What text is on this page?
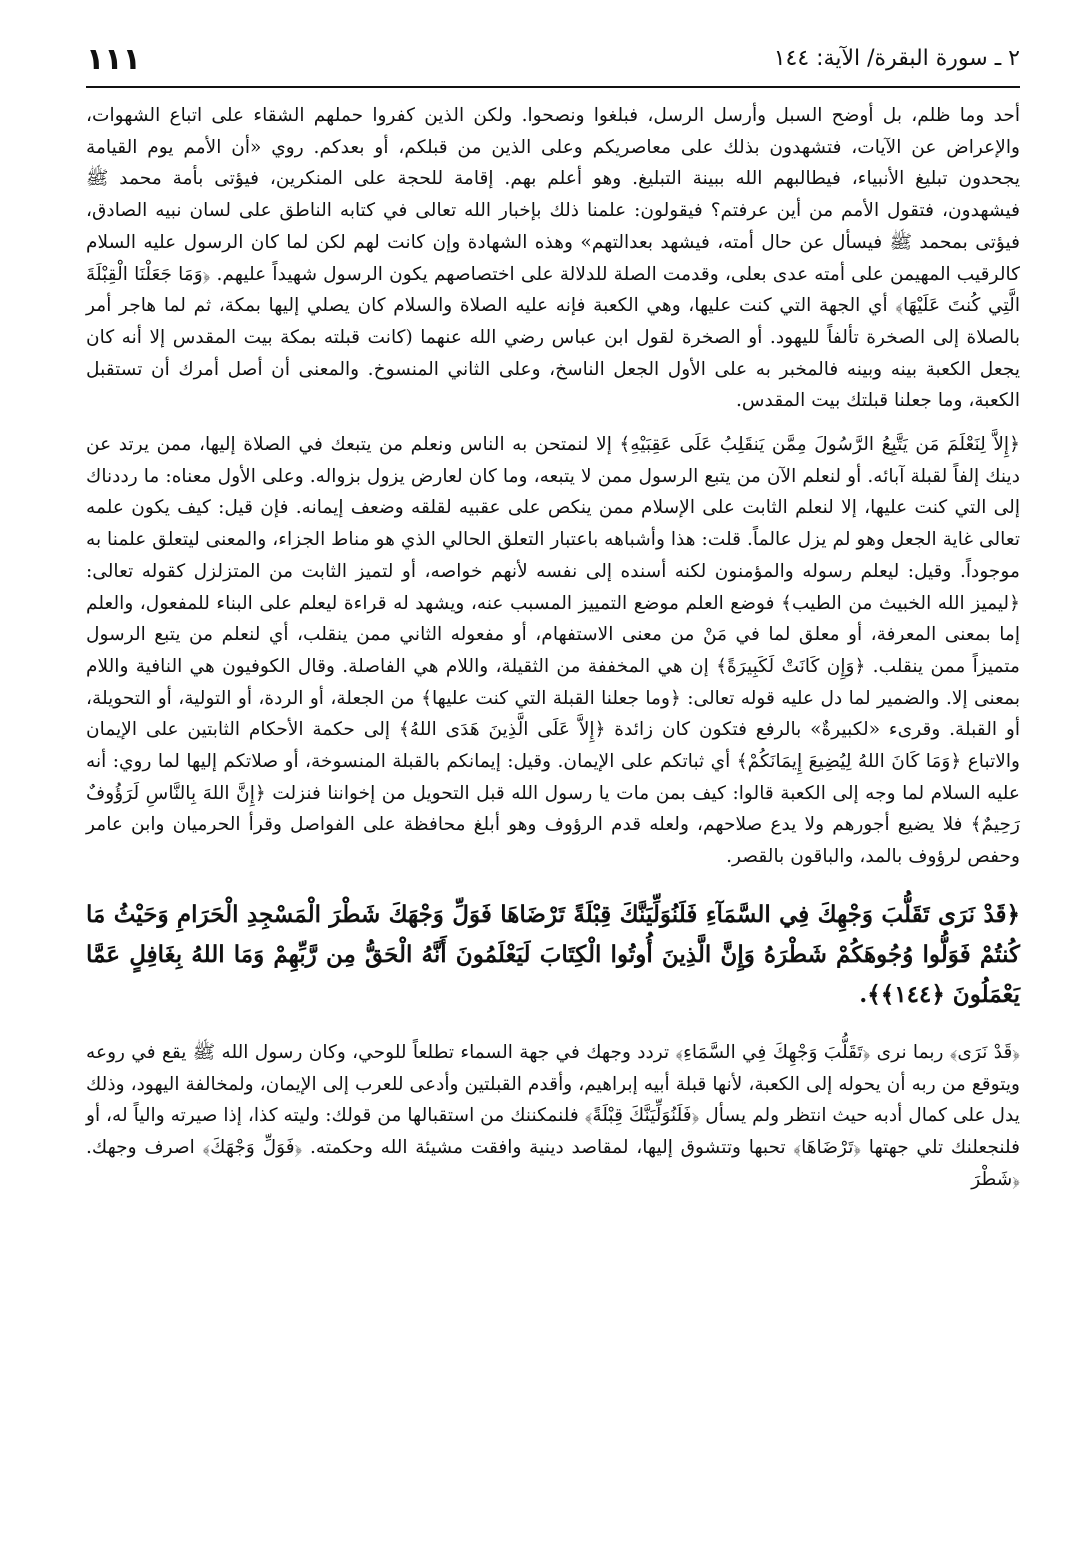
١١١	٢ ـ سورة البقرة/ الآية: ١٤٤

أحد وما ظلم، بل أوضح السبل وأرسل الرسل، فبلغوا ونصحوا. ولكن الذين كفروا حملهم الشقاء على اتباع الشهوات، والإعراض عن الآيات، فتشهدون بذلك على معاصريكم وعلى الذين من قبلكم، أو بعدكم. روي «أن الأمم يوم القيامة يجحدون تبليغ الأنبياء، فيطالبهم الله ببينة التبليغ. وهو أعلم بهم. إقامة للحجة على المنكرين، فيؤتى بأمة محمد ﷺ فيشهدون، فتقول الأمم من أين عرفتم؟ فيقولون: علمنا ذلك بإخبار الله تعالى في كتابه الناطق على لسان نبيه الصادق، فيؤتى بمحمد ﷺ فيسأل عن حال أمته، فيشهد بعدالتهم» وهذه الشهادة وإن كانت لهم لكن لما كان الرسول عليه السلام كالرقيب المهيمن على أمته عدى بعلى، وقدمت الصلة للدلالة على اختصاصهم يكون الرسول شهيداً عليهم. ﴿وَمَا جَعَلْنَا الْقِبْلَةَ الَّتِي كُنتَ عَلَيْهَا﴾ أي الجهة التي كنت عليها، وهي الكعبة فإنه عليه الصلاة والسلام كان يصلي إليها بمكة، ثم لما هاجر أمر بالصلاة إلى الصخرة تألفاً لليهود. أو الصخرة لقول ابن عباس رضي الله عنهما (كانت قبلته بمكة بيت المقدس إلا أنه كان يجعل الكعبة بينه وبينه فالمخبر به على الأول الجعل الناسخ، وعلى الثاني المنسوخ. والمعنى أن أصل أمرك أن تستقبل الكعبة، وما جعلنا قبلتك بيت المقدس.

﴿إِلاَّ لِنَعْلَمَ مَن يَتَّبِعُ الرَّسُولَ مِمَّن يَنقَلِبُ عَلَى عَقِبَيْهِ﴾ إلا لنمتحن به الناس ونعلم من يتبعك في الصلاة إليها، ممن يرتد عن دينك إلفاً لقبلة آبائه. أو لنعلم الآن من يتبع الرسول ممن لا يتبعه، وما كان لعارض يزول بزواله. وعلى الأول معناه: ما رددناك إلى التي كنت عليها، إلا لنعلم الثابت على الإسلام ممن ينكص على عقبيه لقلقه وضعف إيمانه. فإن قيل: كيف يكون علمه تعالى غاية الجعل وهو لم يزل عالماً. قلت: هذا وأشباهه باعتبار التعلق الحالي الذي هو مناط الجزاء، والمعنى ليتعلق علمنا به موجوداً. وقيل: ليعلم رسوله والمؤمنون لكنه أسنده إلى نفسه لأنهم خواصه، أو لتميز الثابت من المتزلزل كقوله تعالى: ﴿ليميز الله الخبيث من الطيب﴾ فوضع العلم موضع التمييز المسبب عنه، ويشهد له قراءة ليعلم على البناء للمفعول، والعلم إما بمعنى المعرفة، أو معلق لما في مَنْ من معنى الاستفهام، أو مفعوله الثاني ممن ينقلب، أي لنعلم من يتبع الرسول متميزاً ممن ينقلب. ﴿وَإِن كَانَتْ لَكَبِيرَةً﴾ إن هي المخففة من الثقيلة، واللام هي الفاصلة. وقال الكوفيون هي النافية واللام بمعنى إلا. والضمير لما دل عليه قوله تعالى: ﴿وما جعلنا القبلة التي كنت عليها﴾ من الجعلة، أو الردة، أو التولية، أو التحويلة، أو القبلة. وقرىء «لكبيرةٌ» بالرفع فتكون كان زائدة ﴿إِلاَّ عَلَى الَّذِينَ هَدَى اللهُ﴾ إلى حكمة الأحكام الثابتين على الإيمان والاتباع ﴿وَمَا كَانَ اللهُ لِيُضِيعَ إِيمَانَكُمْ﴾ أي ثباتكم على الإيمان. وقيل: إيمانكم بالقبلة المنسوخة، أو صلاتكم إليها لما روي: أنه عليه السلام لما وجه إلى الكعبة قالوا: كيف بمن مات يا رسول الله قبل التحويل من إخواننا فنزلت ﴿إِنَّ اللهَ بِالنَّاسِ لَرَؤُوفٌ رَحِيمٌ﴾ فلا يضيع أجورهم ولا يدع صلاحهم، ولعله قدم الرؤوف وهو أبلغ محافظة على الفواصل وقرأ الحرميان وابن عامر وحفص لرؤوف بالمد، والباقون بالقصر.

﴿قَدْ نَرَى تَقَلُّبَ وَجْهِكَ فِي السَّمَآءِ فَلَنُوَلِّيَنَّكَ قِبْلَةً تَرْضَاهَا فَوَلِّ وَجْهَكَ شَطْرَ الْمَسْجِدِ الْحَرَامِ وَحَيْثُ مَا كُنتُمْ فَوَلُّوا وُجُوهَكُمْ شَطْرَهُ وَإِنَّ الَّذِينَ أُوتُوا الْكِتَابَ لَيَعْلَمُونَ أَنَّهُ الْحَقُّ مِن رَّبِّهِمْ وَمَا اللهُ بِغَافِلٍ عَمَّا يَعْمَلُونَ ﴿١٤٤﴾﴾.

﴿قَدْ نَرَى﴾ ربما نرى ﴿تَقَلُّبَ وَجْهِكَ فِي السَّمَاءِ﴾ تردد وجهك في جهة السماء تطلعاً للوحي، وكان رسول الله ﷺ يقع في روعه ويتوقع من ربه أن يحوله إلى الكعبة، لأنها قبلة أبيه إبراهيم، وأقدم القبلتين وأدعى للعرب إلى الإيمان، ولمخالفة اليهود، وذلك يدل على كمال أدبه حيث انتظر ولم يسأل ﴿فَلَنُوَلِّيَنَّكَ قِبْلَةً﴾ فلنمكننك من استقبالها من قولك: وليته كذا، إذا صيرته والياً له، أو فلنجعلنك تلي جهتها ﴿تَرْضَاهَا﴾ تحبها وتتشوق إليها، لمقاصد دينية وافقت مشيئة الله وحكمته. ﴿فَوَلِّ وَجْهَكَ﴾ اصرف وجهك. ﴿شَطْرَ
